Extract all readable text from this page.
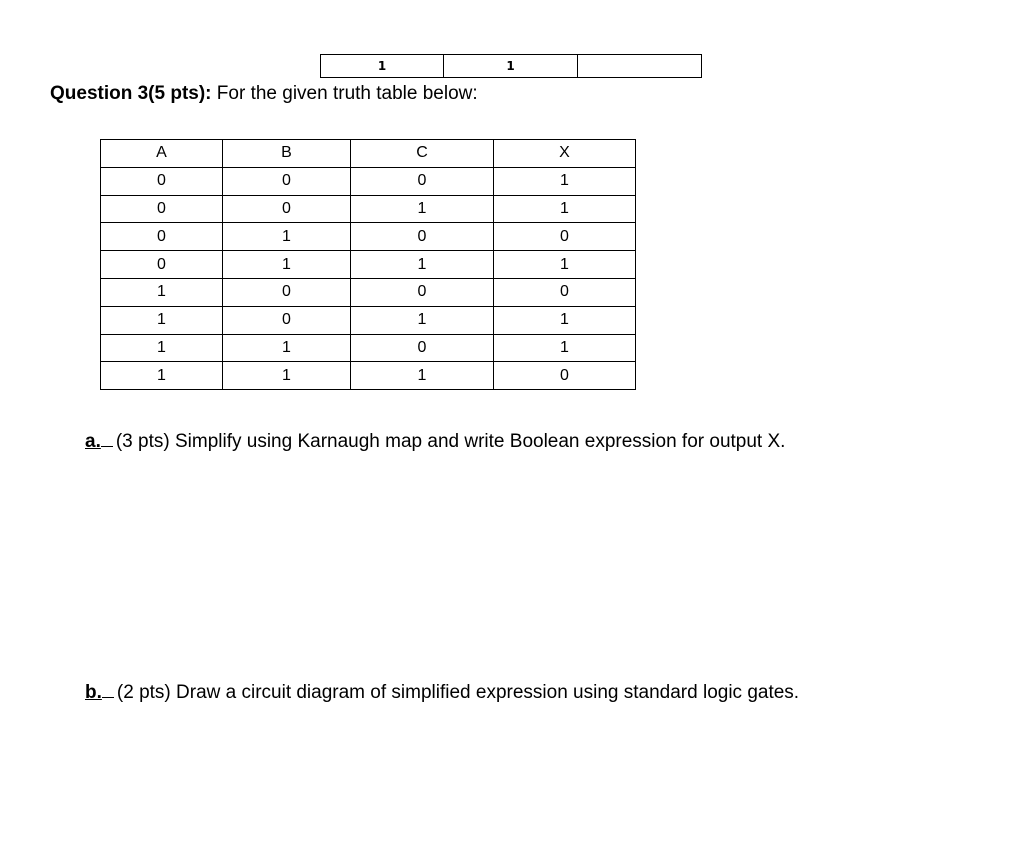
1	1	
Question 3(5 pts): For the given truth table below:
A	B	C	X
0	0	0	1
0	0	1	1
0	1	0	0
0	1	1	1
1	0	0	0
1	0	1	1
1	1	0	1
1	1	1	0
a. (3 pts) Simplify using Karnaugh map and write Boolean expression for output X.
b. (2 pts) Draw a circuit diagram of simplified expression using standard logic gates.
